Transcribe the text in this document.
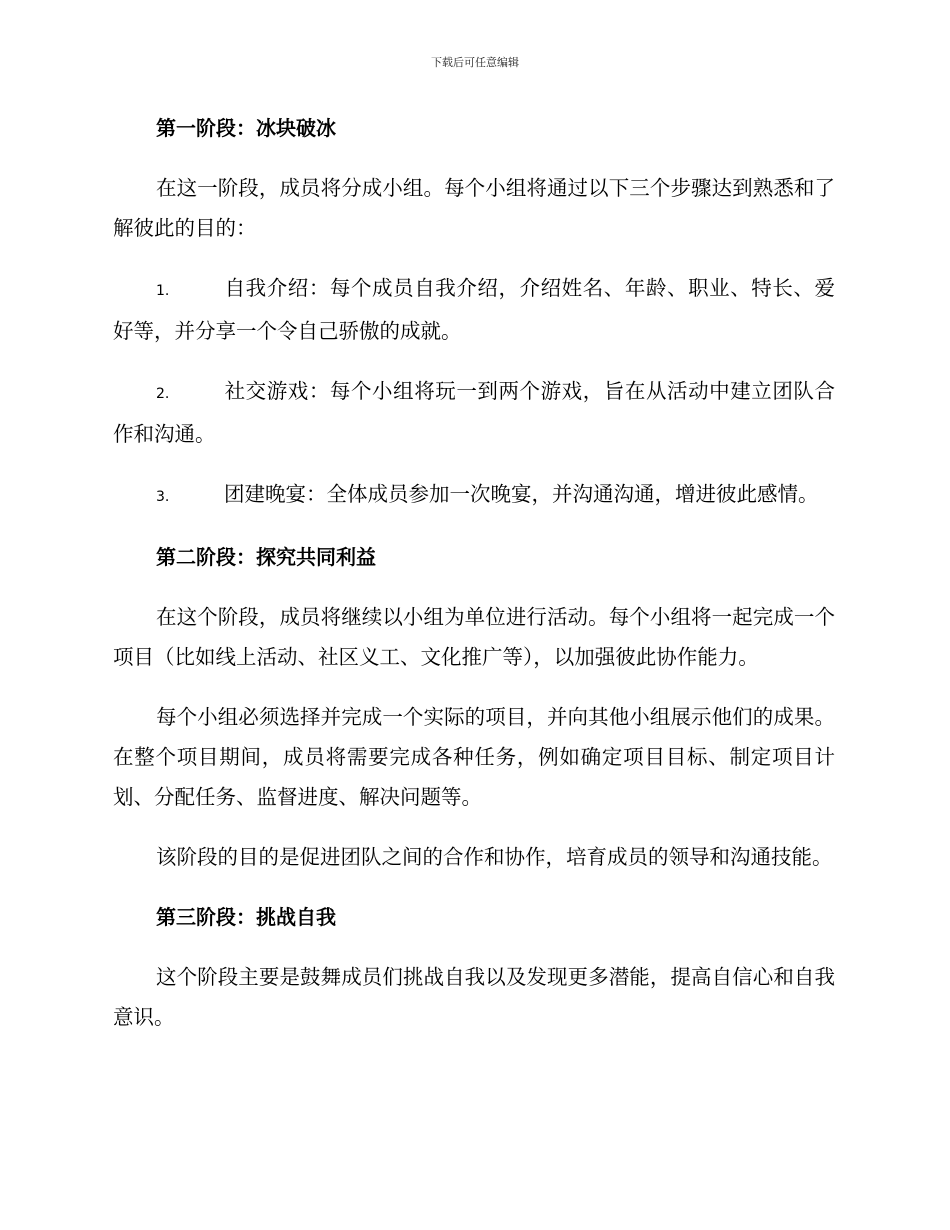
下载后可任意编辑
第一阶段：冰块破冰
在这一阶段，成员将分成小组。每个小组将通过以下三个步骤达到熟悉和了解彼此的目的：
1.	自我介绍：每个成员自我介绍，介绍姓名、年龄、职业、特长、爱好等，并分享一个令自己骄傲的成就。
2.	社交游戏：每个小组将玩一到两个游戏，旨在从活动中建立团队合作和沟通。
3.	团建晚宴：全体成员参加一次晚宴，并沟通沟通，增进彼此感情。
第二阶段：探究共同利益
在这个阶段，成员将继续以小组为单位进行活动。每个小组将一起完成一个项目（比如线上活动、社区义工、文化推广等），以加强彼此协作能力。
每个小组必须选择并完成一个实际的项目，并向其他小组展示他们的成果。在整个项目期间，成员将需要完成各种任务，例如确定项目目标、制定项目计划、分配任务、监督进度、解决问题等。
该阶段的目的是促进团队之间的合作和协作，培育成员的领导和沟通技能。
第三阶段：挑战自我
这个阶段主要是鼓舞成员们挑战自我以及发现更多潜能，提高自信心和自我意识。
